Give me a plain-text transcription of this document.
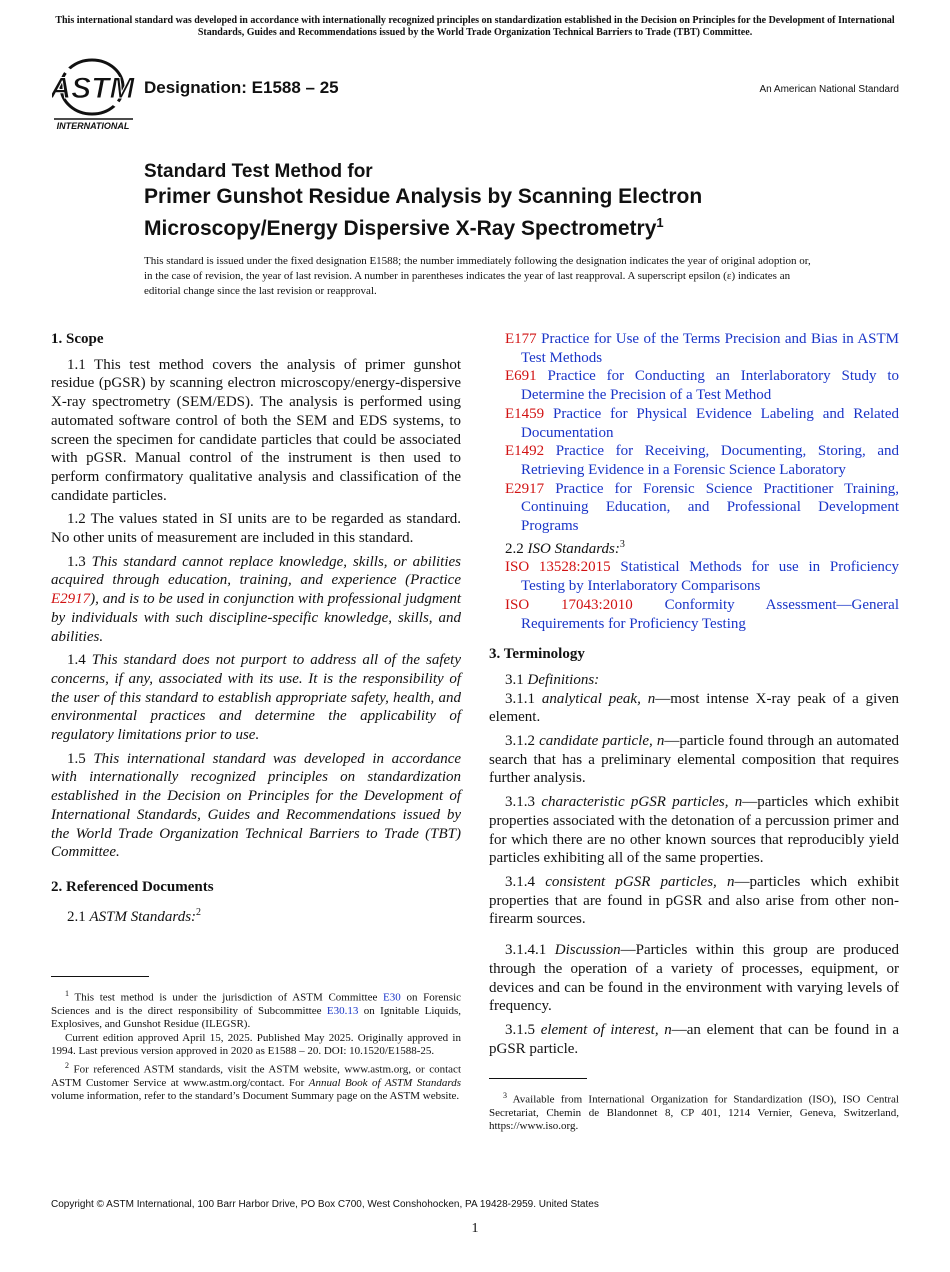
This international standard was developed in accordance with internationally recognized principles on standardization established in the Decision on Principles for the Development of International Standards, Guides and Recommendations issued by the World Trade Organization Technical Barriers to Trade (TBT) Committee.
ASTM
INTERNATIONAL
Designation: E1588 – 25	An American National Standard
Standard Test Method for
Primer Gunshot Residue Analysis by Scanning Electron
Microscopy/Energy Dispersive X-Ray Spectrometry$^1$
This standard is issued under the fixed designation E1588; the number immediately following the designation indicates the year of original adoption or, in the case of revision, the year of last revision. A number in parentheses indicates the year of last reapproval. A superscript epsilon (ε) indicates an editorial change since the last revision or reapproval.
1. Scope

1.1 This test method covers the analysis of primer gunshot residue (pGSR) by scanning electron microscopy/energy-dispersive X-ray spectrometry (SEM/EDS). The analysis is performed using automated software control of both the SEM and EDS systems, to screen the specimen for candidate particles that could be associated with pGSR. Manual control of the instrument is then used to perform confirmatory qualitative analysis and classification of the candidate particles.

1.2 The values stated in SI units are to be regarded as standard. No other units of measurement are included in this standard.

1.3 This standard cannot replace knowledge, skills, or abilities acquired through education, training, and experience (Practice E2917), and is to be used in conjunction with professional judgment by individuals with such discipline-specific knowledge, skills, and abilities.

1.4 This standard does not purport to address all of the safety concerns, if any, associated with its use. It is the responsibility of the user of this standard to establish appropriate safety, health, and environmental practices and determine the applicability of regulatory limitations prior to use.

1.5 This international standard was developed in accordance with internationally recognized principles on standardization established in the Decision on Principles for the Development of International Standards, Guides and Recommendations issued by the World Trade Organization Technical Barriers to Trade (TBT) Committee.

2. Referenced Documents

2.1 ASTM Standards:$^2$

$^1$ This test method is under the jurisdiction of ASTM Committee E30 on Forensic Sciences and is the direct responsibility of Subcommittee E30.13 on Ignitable Liquids, Explosives, and Gunshot Residue (ILEGSR).

Current edition approved April 15, 2025. Published May 2025. Originally approved in 1994. Last previous version approved in 2020 as E1588 – 20. DOI: 10.1520/E1588-25.

$^2$ For referenced ASTM standards, visit the ASTM website, www.astm.org, or contact ASTM Customer Service at www.astm.org/contact. For Annual Book of ASTM Standards volume information, refer to the standard’s Document Summary page on the ASTM website.

E177 Practice for Use of the Terms Precision and Bias in ASTM Test Methods

E691 Practice for Conducting an Interlaboratory Study to Determine the Precision of a Test Method

E1459 Practice for Physical Evidence Labeling and Related Documentation

E1492 Practice for Receiving, Documenting, Storing, and Retrieving Evidence in a Forensic Science Laboratory

E2917 Practice for Forensic Science Practitioner Training, Continuing Education, and Professional Development Programs

2.2 ISO Standards:$^3$

ISO 13528:2015 Statistical Methods for use in Proficiency Testing by Interlaboratory Comparisons

ISO 17043:2010 Conformity Assessment—General Requirements for Proficiency Testing

3. Terminology

3.1 Definitions:

3.1.1 analytical peak, n—most intense X-ray peak of a given element.

3.1.2 candidate particle, n—particle found through an automated search that has a preliminary elemental composition that requires further analysis.

3.1.3 characteristic pGSR particles, n—particles which exhibit properties associated with the detonation of a percussion primer and for which there are no other known sources that reproducibly yield particles exhibiting all of the same properties.

3.1.4 consistent pGSR particles, n—particles which exhibit properties that are found in pGSR and also arise from other non-firearm sources.

3.1.4.1 Discussion—Particles within this group are produced through the operation of a variety of processes, equipment, or devices and can be found in the environment with varying levels of frequency.

3.1.5 element of interest, n—an element that can be found in a pGSR particle.

$^3$ Available from International Organization for Standardization (ISO), ISO Central Secretariat, Chemin de Blandonnet 8, CP 401, 1214 Vernier, Geneva, Switzerland, https://www.iso.org.

Copyright © ASTM International, 100 Barr Harbor Drive, PO Box C700, West Conshohocken, PA 19428-2959. United States
1
